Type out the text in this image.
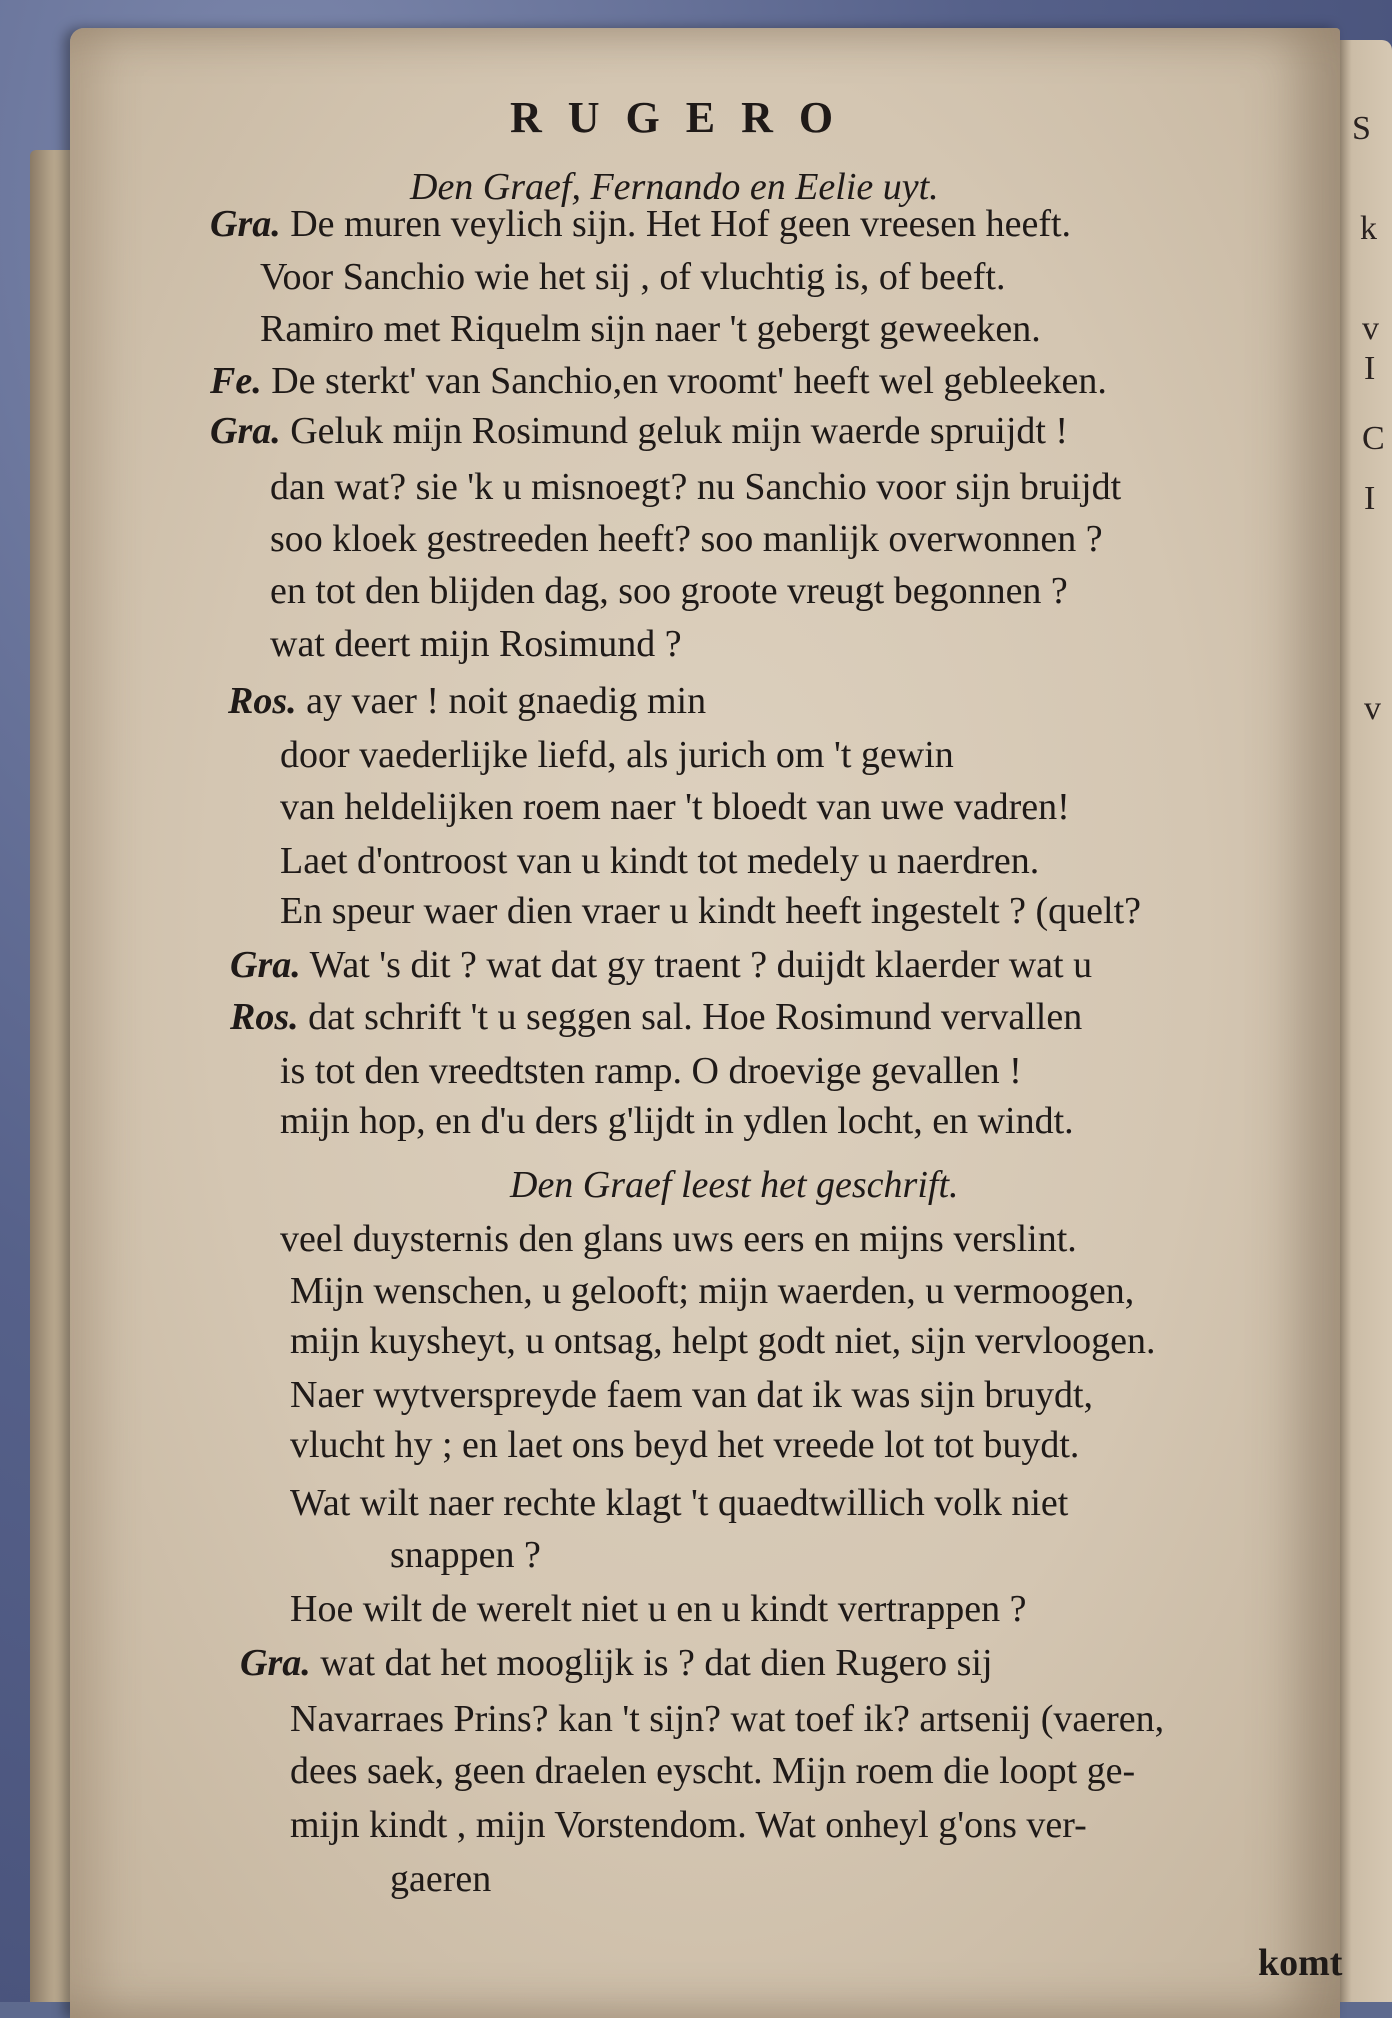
S
k
v
I
C
I
v
RUGERO
Den Graef, Fernando en Eelie uyt.
Gra. De muren veylich sijn. Het Hof geen vreesen heeft.
Voor Sanchio wie het sij , of vluchtig is, of beeft.
Ramiro met Riquelm sijn naer 't gebergt geweeken.
Fe. De sterkt' van Sanchio,en vroomt' heeft wel gebleeken.
Gra. Geluk mijn Rosimund geluk mijn waerde spruijdt !
dan wat? sie 'k u misnoegt? nu Sanchio voor sijn bruijdt
soo kloek gestreeden heeft? soo manlijk overwonnen ?
en tot den blijden dag, soo groote vreugt begonnen ?
wat deert mijn Rosimund ?
Ros. ay vaer ! noit gnaedig min
door vaederlijke liefd, als jurich om 't gewin
van heldelijken roem naer 't bloedt van uwe vadren!
Laet d'ontroost van u kindt tot medely u naerdren.
En speur waer dien vraer u kindt heeft ingestelt ? (quelt?
Gra. Wat 's dit ? wat dat gy traent ? duijdt klaerder wat u
Ros. dat schrift 't u seggen sal. Hoe Rosimund vervallen
is tot den vreedtsten ramp. O droevige gevallen !
mijn hop, en d'u ders g'lijdt in ydlen locht, en windt.
veel duysternis den glans uws eers en mijns verslint.
Mijn wenschen, u gelooft; mijn waerden, u vermoogen,
mijn kuysheyt, u ontsag, helpt godt niet, sijn vervloogen.
Naer wytverspreyde faem van dat ik was sijn bruydt,
vlucht hy ; en laet ons beyd het vreede lot tot buydt.
Wat wilt naer rechte klagt 't quaedtwillich volk niet
snappen ?
Hoe wilt de werelt niet u en u kindt vertrappen ?
Gra. wat dat het mooglijk is ? dat dien Rugero sij
Navarraes Prins? kan 't sijn? wat toef ik? artsenij (vaeren,
dees saek, geen draelen eyscht. Mijn roem die loopt ge-
mijn kindt , mijn Vorstendom. Wat onheyl g'ons ver-
gaeren
Den Graef leest het geschrift.
komt
